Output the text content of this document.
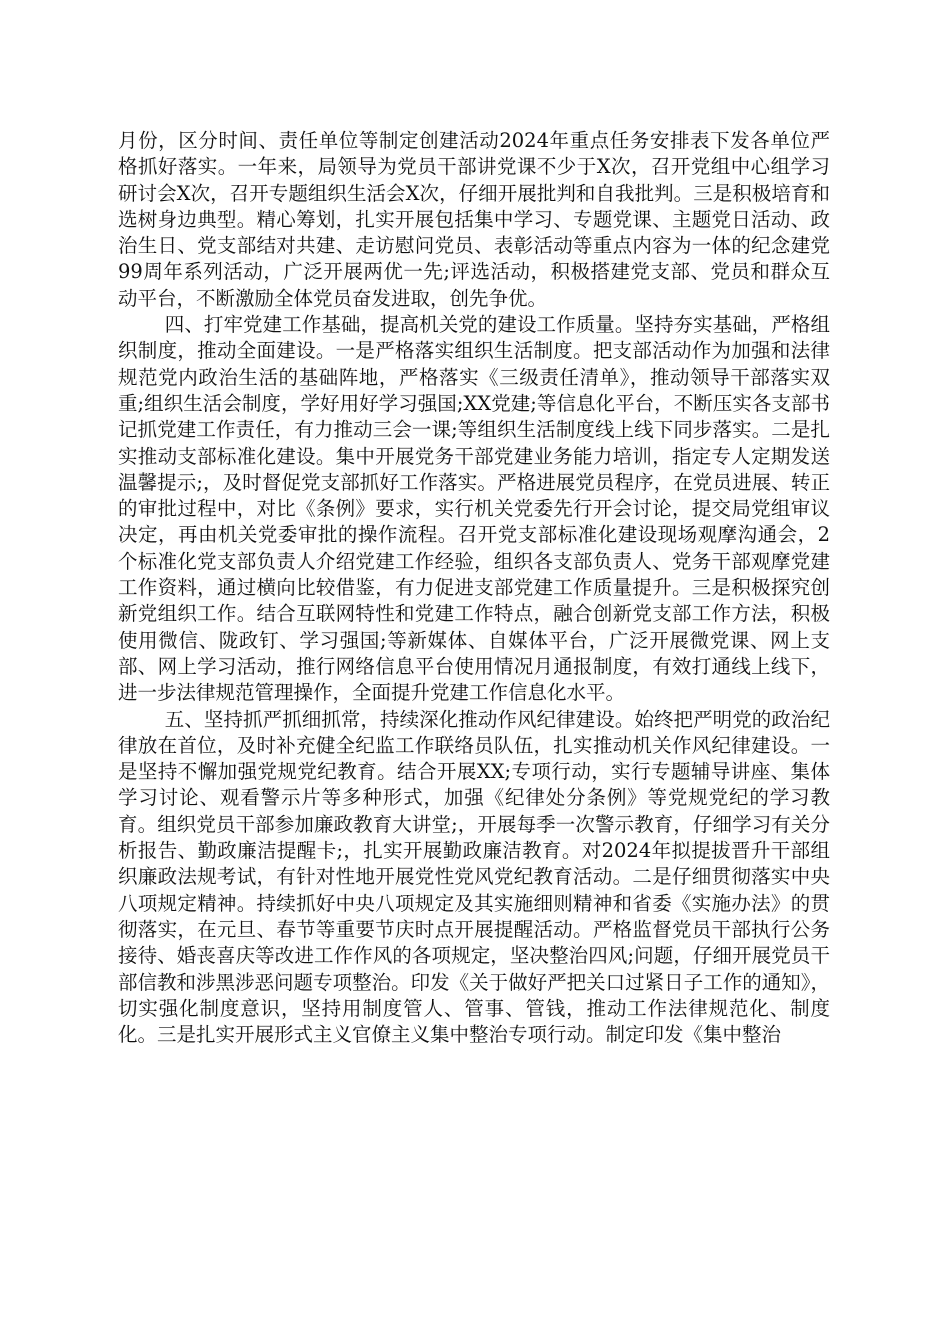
月份，区分时间、责任单位等制定创建活动2024年重点任务安排表下发各单位严格抓好落实。一年来，局领导为党员干部讲党课不少于X次，召开党组中心组学习研讨会X次，召开专题组织生活会X次，仔细开展批判和自我批判。三是积极培育和选树身边典型。精心筹划，扎实开展包括集中学习、专题党课、主题党日活动、政治生日、党支部结对共建、走访慰问党员、表彰活动等重点内容为一体的纪念建党99周年系列活动，广泛开展两优一先;评选活动，积极搭建党支部、党员和群众互动平台，不断激励全体党员奋发进取，创先争优。

四、打牢党建工作基础，提高机关党的建设工作质量。坚持夯实基础，严格组织制度，推动全面建设。一是严格落实组织生活制度。把支部活动作为加强和法律规范党内政治生活的基础阵地，严格落实《三级责任清单》，推动领导干部落实双重;组织生活会制度，学好用好学习强国;XX党建;等信息化平台，不断压实各支部书记抓党建工作责任，有力推动三会一课;等组织生活制度线上线下同步落实。二是扎实推动支部标准化建设。集中开展党务干部党建业务能力培训，指定专人定期发送温馨提示;，及时督促党支部抓好工作落实。严格进展党员程序，在党员进展、转正的审批过程中，对比《条例》要求，实行机关党委先行开会讨论，提交局党组审议决定，再由机关党委审批的操作流程。召开党支部标准化建设现场观摩沟通会，2个标准化党支部负责人介绍党建工作经验，组织各支部负责人、党务干部观摩党建工作资料，通过横向比较借鉴，有力促进支部党建工作质量提升。三是积极探究创新党组织工作。结合互联网特性和党建工作特点，融合创新党支部工作方法，积极使用微信、陇政钉、学习强国;等新媒体、自媒体平台，广泛开展微党课、网上支部、网上学习活动，推行网络信息平台使用情况月通报制度，有效打通线上线下，进一步法律规范管理操作，全面提升党建工作信息化水平。

五、坚持抓严抓细抓常，持续深化推动作风纪律建设。始终把严明党的政治纪律放在首位，及时补充健全纪监工作联络员队伍，扎实推动机关作风纪律建设。一是坚持不懈加强党规党纪教育。结合开展XX;专项行动，实行专题辅导讲座、集体学习讨论、观看警示片等多种形式，加强《纪律处分条例》等党规党纪的学习教育。组织党员干部参加廉政教育大讲堂;，开展每季一次警示教育，仔细学习有关分析报告、勤政廉洁提醒卡;，扎实开展勤政廉洁教育。对2024年拟提拔晋升干部组织廉政法规考试，有针对性地开展党性党风党纪教育活动。二是仔细贯彻落实中央八项规定精神。持续抓好中央八项规定及其实施细则精神和省委《实施办法》的贯彻落实，在元旦、春节等重要节庆时点开展提醒活动。严格监督党员干部执行公务接待、婚丧喜庆等改进工作作风的各项规定，坚决整治四风;问题，仔细开展党员干部信教和涉黑涉恶问题专项整治。印发《关于做好严把关口过紧日子工作的通知》，切实强化制度意识，坚持用制度管人、管事、管钱，推动工作法律规范化、制度化。三是扎实开展形式主义官僚主义集中整治专项行动。制定印发《集中整治
